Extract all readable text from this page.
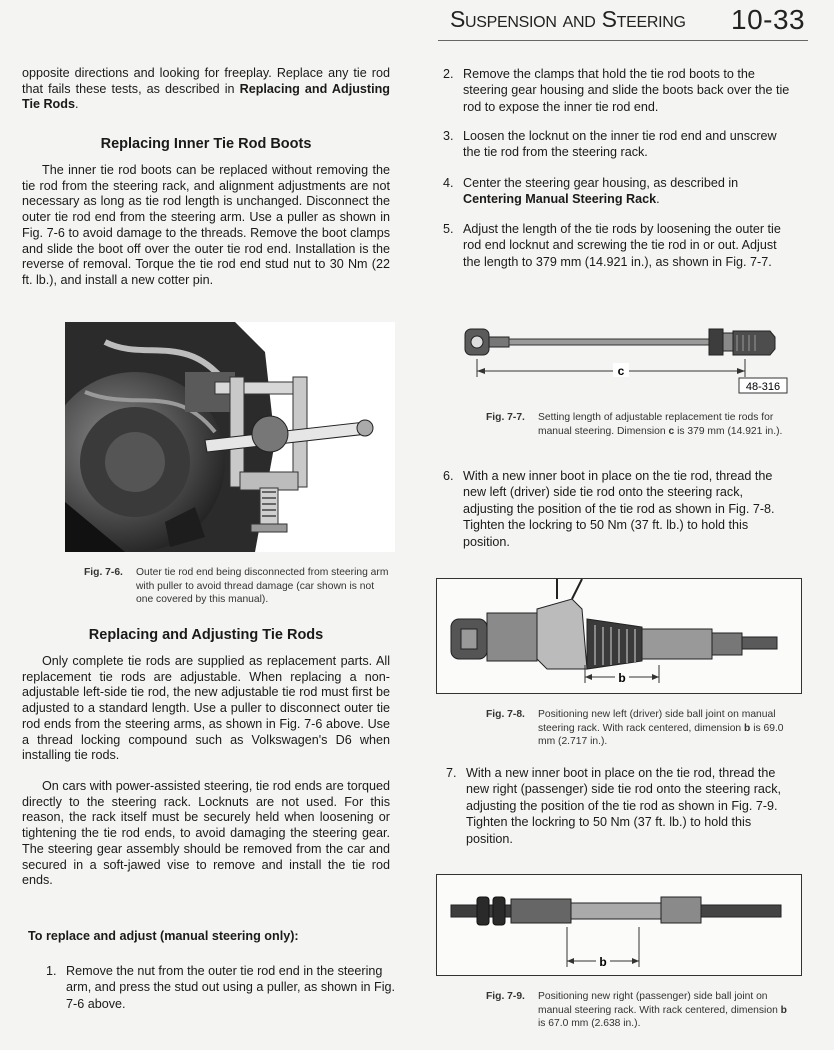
Suspension and Steering 10-33

opposite directions and looking for freeplay. Replace any tie rod that fails these tests, as described in Replacing and Adjusting Tie Rods.

Replacing Inner Tie Rod Boots

The inner tie rod boots can be replaced without removing the tie rod from the steering rack, and alignment adjustments are not necessary as long as tie rod length is unchanged. Disconnect the outer tie rod end from the steering arm. Use a puller as shown in Fig. 7-6 to avoid damage to the threads. Remove the boot clamps and slide the boot off over the outer tie rod end. Installation is the reverse of removal. Torque the tie rod end stud nut to 30 Nm (22 ft. lb.), and install a new cotter pin.

Fig. 7-6. Outer tie rod end being disconnected from steering arm with puller to avoid thread damage (car shown is not one covered by this manual).
Replacing and Adjusting Tie Rods

Only complete tie rods are supplied as replacement parts. All replacement tie rods are adjustable. When replacing a non-adjustable left-side tie rod, the new adjustable tie rod must first be adjusted to a standard length. Use a puller to disconnect outer tie rod ends from the steering arms, as shown in Fig. 7-6 above. Use a thread locking compound such as Volkswagen's D6 when installing tie rods.

On cars with power-assisted steering, tie rod ends are torqued directly to the steering rack. Locknuts are not used. For this reason, the rack itself must be securely held when loosening or tightening the tie rod ends, to avoid damaging the steering gear. The steering gear assembly should be removed from the car and secured in a soft-jawed vise to remove and install the tie rod ends.

To replace and adjust (manual steering only):
1. Remove the nut from the outer tie rod end in the steering arm, and press the stud out using a puller, as shown in Fig. 7-6 above.
2. Remove the clamps that hold the tie rod boots to the steering gear housing and slide the boots back over the tie rod to expose the inner tie rod end.
3. Loosen the locknut on the inner tie rod end and unscrew the tie rod from the steering rack.
4. Center the steering gear housing, as described in Centering Manual Steering Rack.
5. Adjust the length of the tie rods by loosening the outer tie rod end locknut and screwing the tie rod in or out. Adjust the length to 379 mm (14.921 in.), as shown in Fig. 7-7.
c
48-316
Fig. 7-7. Setting length of adjustable replacement tie rods for manual steering. Dimension c is 379 mm (14.921 in.).
6. With a new inner boot in place on the tie rod, thread the new left (driver) side tie rod onto the steering rack, adjusting the position of the tie rod as shown in Fig. 7-8. Tighten the lockring to 50 Nm (37 ft. lb.) to hold this position.
b
Fig. 7-8. Positioning new left (driver) side ball joint on manual steering rack. With rack centered, dimension b is 69.0 mm (2.717 in.).
7. With a new inner boot in place on the tie rod, thread the new right (passenger) side tie rod onto the steering rack, adjusting the position of the tie rod as shown in Fig. 7-9. Tighten the lockring to 50 Nm (37 ft. lb.) to hold this position.
b
Fig. 7-9. Positioning new right (passenger) side ball joint on manual steering rack. With rack centered, dimension b is 67.0 mm (2.638 in.).
